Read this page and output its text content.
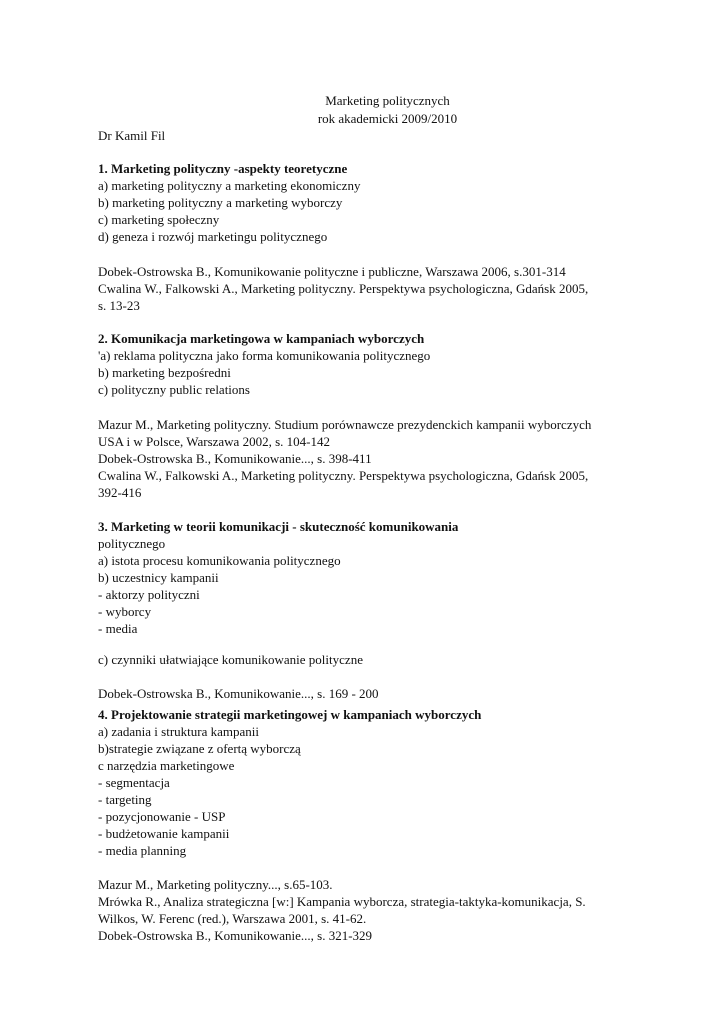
Marketing politycznych
rok akademicki 2009/2010
Dr Kamil Fil
1. Marketing polityczny -aspekty teoretyczne
a) marketing polityczny a marketing ekonomiczny
b) marketing polityczny a marketing wyborczy
c) marketing społeczny
d) geneza i rozwój marketingu politycznego
Dobek-Ostrowska B., Komunikowanie polityczne i publiczne, Warszawa 2006, s.301-314
Cwalina W., Falkowski A., Marketing polityczny. Perspektywa psychologiczna, Gdańsk 2005,
s. 13-23
2. Komunikacja marketingowa w kampaniach wyborczych
'a) reklama polityczna jako forma komunikowania politycznego
b) marketing bezpośredni
c) polityczny public relations
Mazur M., Marketing polityczny. Studium porównawcze prezydenckich kampanii wyborczych
USA i w Polsce, Warszawa 2002, s. 104-142
Dobek-Ostrowska B., Komunikowanie..., s. 398-411
Cwalina W., Falkowski A., Marketing polityczny. Perspektywa psychologiczna, Gdańsk 2005,
392-416
3. Marketing w teorii komunikacji - skuteczność komunikowania
politycznego
a) istota procesu komunikowania politycznego
b) uczestnicy kampanii
- aktorzy polityczni
- wyborcy
- media
c) czynniki ułatwiające komunikowanie polityczne
Dobek-Ostrowska B., Komunikowanie..., s. 169 - 200
4. Projektowanie strategii marketingowej w kampaniach wyborczych
a) zadania i struktura kampanii
b)strategie związane z ofertą wyborczą
c narzędzia marketingowe
- segmentacja
- targeting
- pozycjonowanie - USP
- budżetowanie kampanii
- media planning
Mazur M., Marketing polityczny..., s.65-103.
Mrówka R., Analiza strategiczna [w:] Kampania wyborcza, strategia-taktyka-komunikacja, S.
Wilkos, W. Ferenc (red.), Warszawa 2001, s. 41-62.
Dobek-Ostrowska B., Komunikowanie..., s. 321-329
